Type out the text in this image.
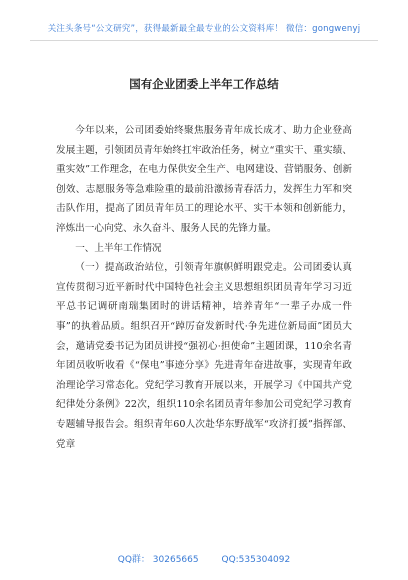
关注头条号“公文研究”，获得最新最全最专业的公文资料库！ 微信：gongwenyj
国有企业团委上半年工作总结

今年以来，公司团委始终聚焦服务青年成长成才、助力企业登高发展主题，引领团员青年始终扛牢政治任务，树立“重实干、重实绩、重实效”工作理念，在电力保供安全生产、电网建设、营销服务、创新创效、志愿服务等急难险重的最前沿激扬青春活力，发挥生力军和突击队作用，提高了团员青年员工的理论水平、实干本领和创新能力，淬炼出一心向党、永久奋斗、服务人民的先锋力量。

一、上半年工作情况

（一）提高政治站位，引领青年旗帜鲜明跟党走。公司团委认真宣传贯彻习近平新时代中国特色社会主义思想组织团员青年学习习近平总书记调研南瑞集团时的讲话精神，培养青年“一辈子办成一件事”的执着品质。组织召开“踔厉奋发新时代·争先进位新局面”团员大会，邀请党委书记为团员讲授“强初心·担使命”主题团课，110余名青年团员收听收看《“保电”事迹分享》先进青年奋进故事，实现青年政治理论学习常态化。党纪学习教育开展以来，开展学习《中国共产党纪律处分条例》22次，组织110余名团员青年参加公司党纪学习教育专题辅导报告会。组织青年60人次赴华东野战军“攻济打援”指挥部、党章

QQ群： 30265665	QQ:535304092
